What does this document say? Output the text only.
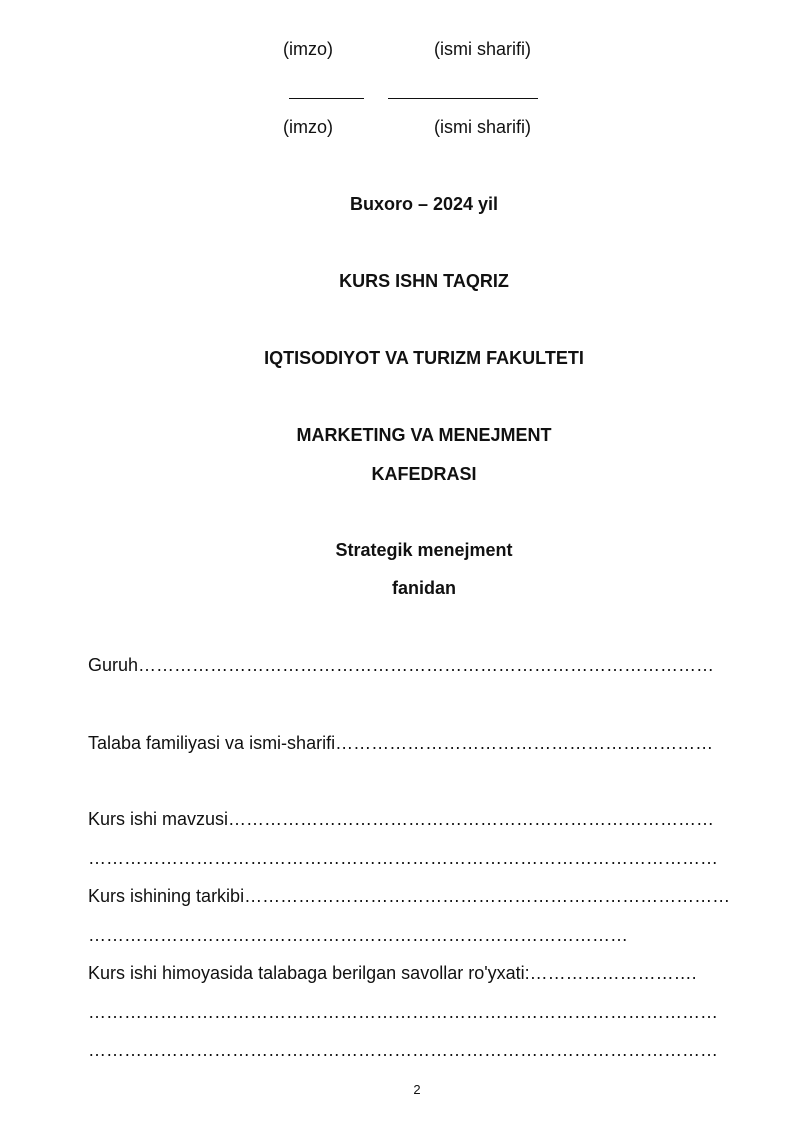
(imzo)	(ismi sharifi)
(imzo)	(ismi sharifi)
Buxoro – 2024 yil
KURS ISHN TAQRIZ
IQTISODIYOT VA TURIZM FAKULTETI
MARKETING VA MENEJMENT
KAFEDRASI
Strategik menejment
fanidan
Guruh……………………………………………………………………………………
Talaba familiyasi va ismi-sharifi………………………………………………………
Kurs ishi mavzusi………………………………………………………………………
……………………………………………………………………………………………
Kurs ishining tarkibi………………………………………………………………………
………………………………………………………………………………
Kurs ishi himoyasida talabaga berilgan savollar ro'yxati:……………………….
……………………………………………………………………………………………
……………………………………………………………………………………………
2
